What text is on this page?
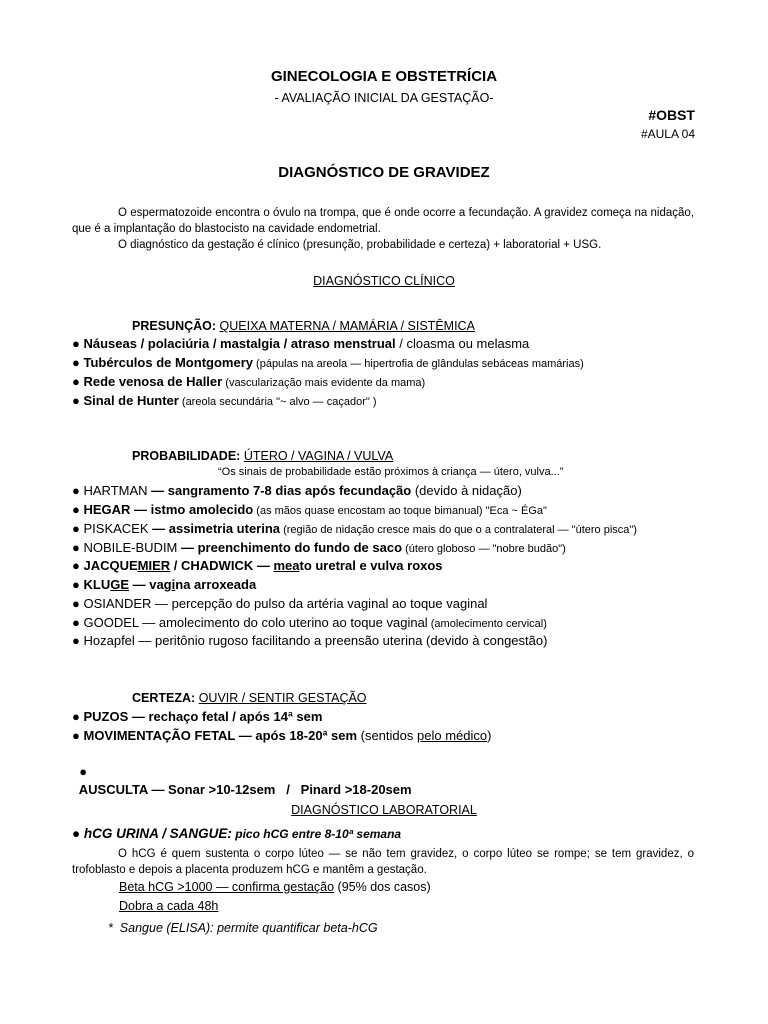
GINECOLOGIA E OBSTETRÍCIA
- AVALIAÇÃO INICIAL DA GESTAÇÃO-
#OBST
#AULA 04
DIAGNÓSTICO DE GRAVIDEZ
O espermatozoide encontra o óvulo na trompa, que é onde ocorre a fecundação. A gravidez começa na nidação, que é a implantação do blastocisto na cavidade endometrial.
O diagnóstico da gestação é clínico (presunção, probabilidade e certeza) + laboratorial + USG.
DIAGNÓSTICO CLÍNICO
PRESUNÇÃO: QUEIXA MATERNA / MAMÁRIA / SISTÊMICA
● Náuseas / polaciúria / mastalgia / atraso menstrual / cloasma ou melasma
● Tubérculos de Montgomery (pápulas na areola — hipertrofia de glândulas sebáceas mamárias)
● Rede venosa de Haller (vascularização mais evidente da mama)
● Sinal de Hunter (areola secundária "~ alvo — caçador" )
PROBABILIDADE: ÚTERO / VAGINA / VULVA
“Os sinais de probabilidade estão próximos à criança — útero, vulva...”
● HARTMAN — sangramento 7-8 dias após fecundação (devido à nidação)
● HEGAR — istmo amolecido (as mãos quase encostam ao toque bimanual) "Eca ~ ÉGa"
● PISKACEK — assimetria uterina (região de nidação cresce mais do que o a contralateral — "útero pisca")
● NOBILE-BUDIM — preenchimento do fundo de saco (útero globoso — "nobre budão")
● JACQUEMIER / CHADWICK — meato uretral e vulva roxos
● KLUGE — vagina arroxeada
● OSIANDER — percepção do pulso da artéria vaginal ao toque vaginal
● GOODEL — amolecimento do colo uterino ao toque vaginal (amolecimento cervical)
● Hozapfel — peritônio rugoso facilitando a preensão uterina (devido à congestão)
CERTEZA: OUVIR / SENTIR GESTAÇÃO
● PUZOS — rechaço fetal / após 14ª sem
● MOVIMENTAÇÃO FETAL — após 18-20ª sem (sentidos pelo médico)

●
AUSCULTA — Sonar >10-12sem   /   Pinard >18-20sem

DIAGNÓSTICO LABORATORIAL
● hCG URINA / SANGUE: pico hCG entre 8-10ª semana
O hCG é quem sustenta o corpo lúteo — se não tem gravidez, o corpo lúteo se rompe; se tem gravidez, o trofoblasto e depois a placenta produzem hCG e mantêm a gestação.
Beta hCG >1000 — confirma gestação (95% dos casos)
Dobra a cada 48h
*  Sangue (ELISA): permite quantificar beta-hCG
